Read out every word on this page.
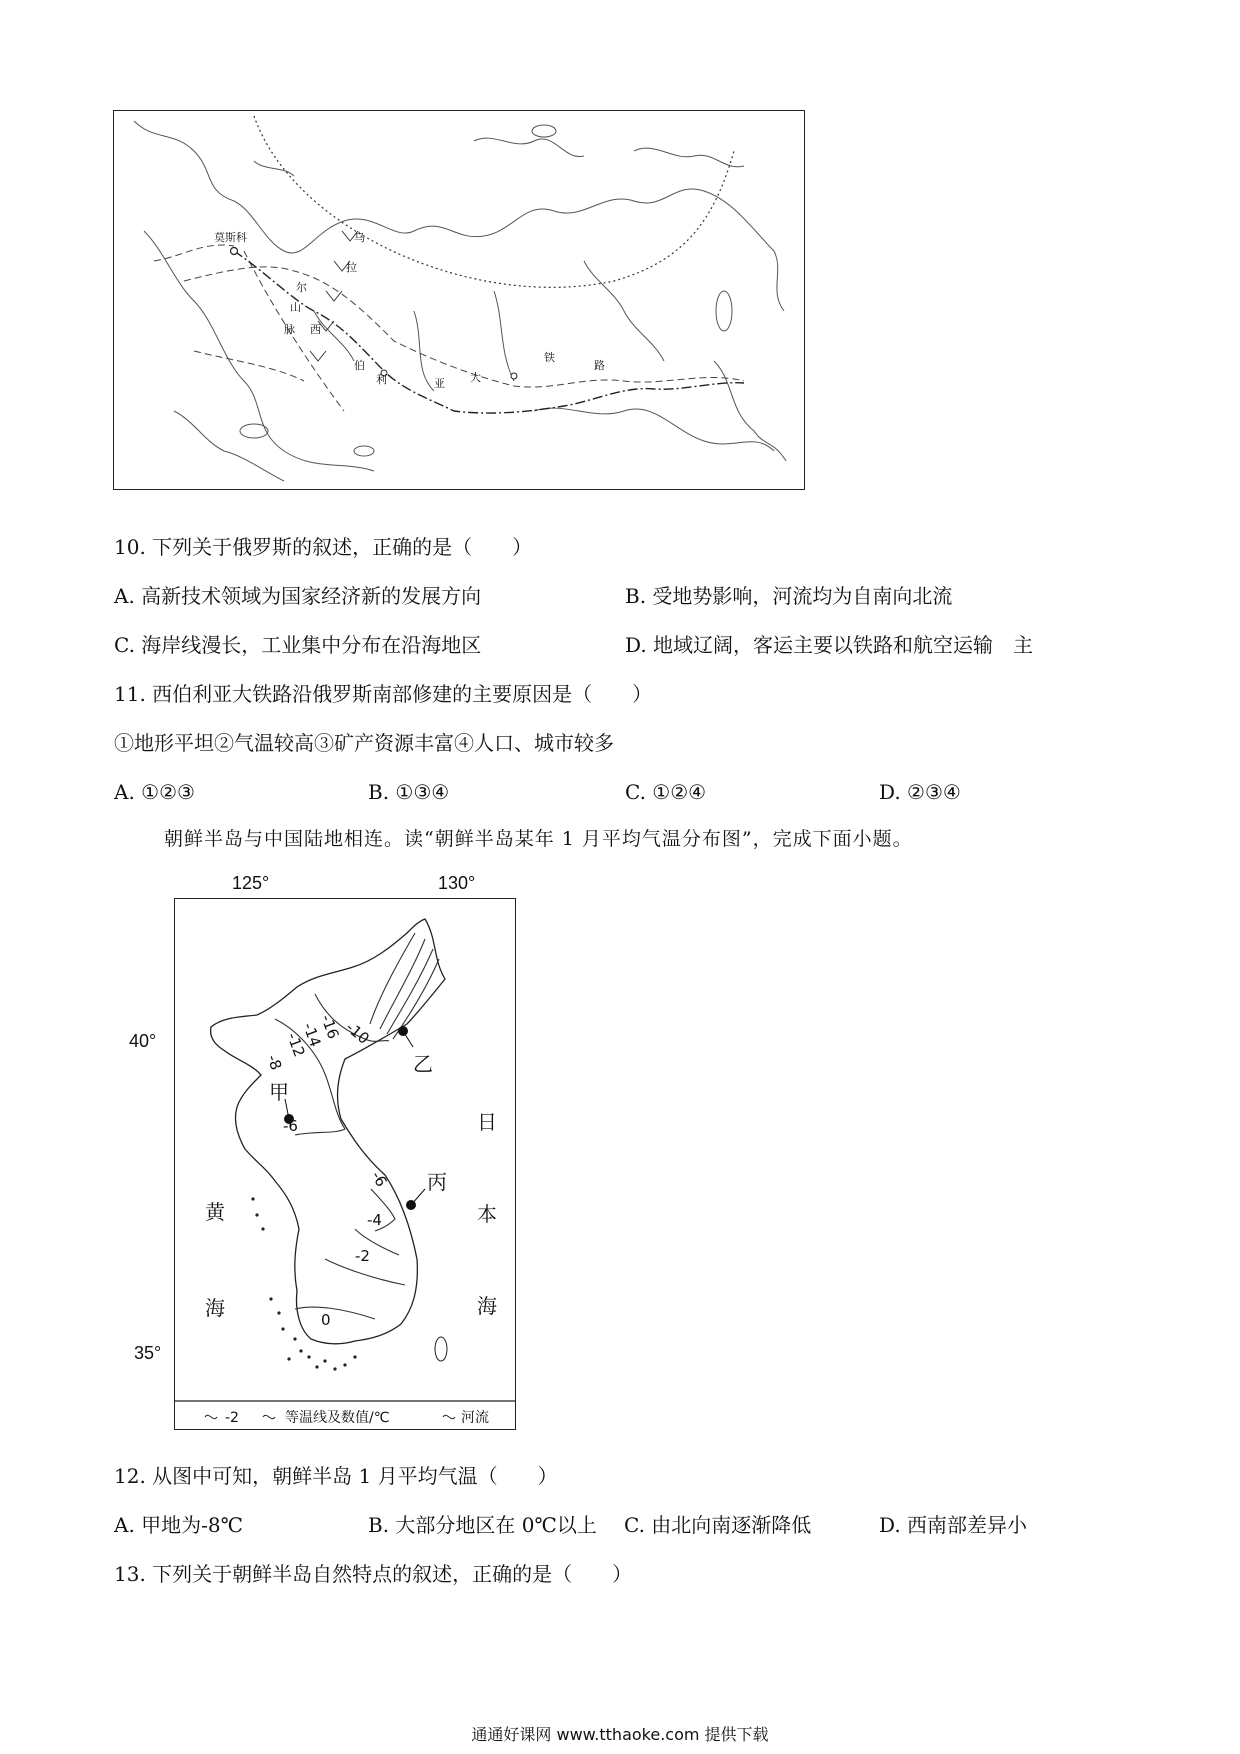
莫斯科	乌
拉
尔
山
脉 西
伯
利	亚 大
铁
路
10. 下列关于俄罗斯的叙述，正确的是（　　）
A. 高新技术领域为国家经济新的发展方向	B. 受地势影响，河流均为自南向北流
C. 海岸线漫长，工业集中分布在沿海地区	D. 地域辽阔，客运主要以铁路和航空运输　主
11. 西伯利亚大铁路沿俄罗斯南部修建的主要原因是（　　）
①地形平坦②气温较高③矿产资源丰富④人口、城市较多
A. ①②③	B. ①③④	C. ①②④	D. ②③④
朝鲜半岛与中国陆地相连。读“朝鲜半岛某年 1 月平均气温分布图”，完成下面小题。
125°	130°
40°
35°
乙
甲
丙
黄
海
日
本
海
-16
-14
-12 -10
-8
-6
-6
-4
-2
0
-2	等温线及数值/℃	河流
12. 从图中可知，朝鲜半岛 1 月平均气温（　　）
A. 甲地为-8℃	B. 大部分地区在 0℃以上 C. 由北向南逐渐降低	D. 西南部差异小
13. 下列关于朝鲜半岛自然特点的叙述，正确的是（　　）
通通好课网 www.tthaoke.com 提供下载
